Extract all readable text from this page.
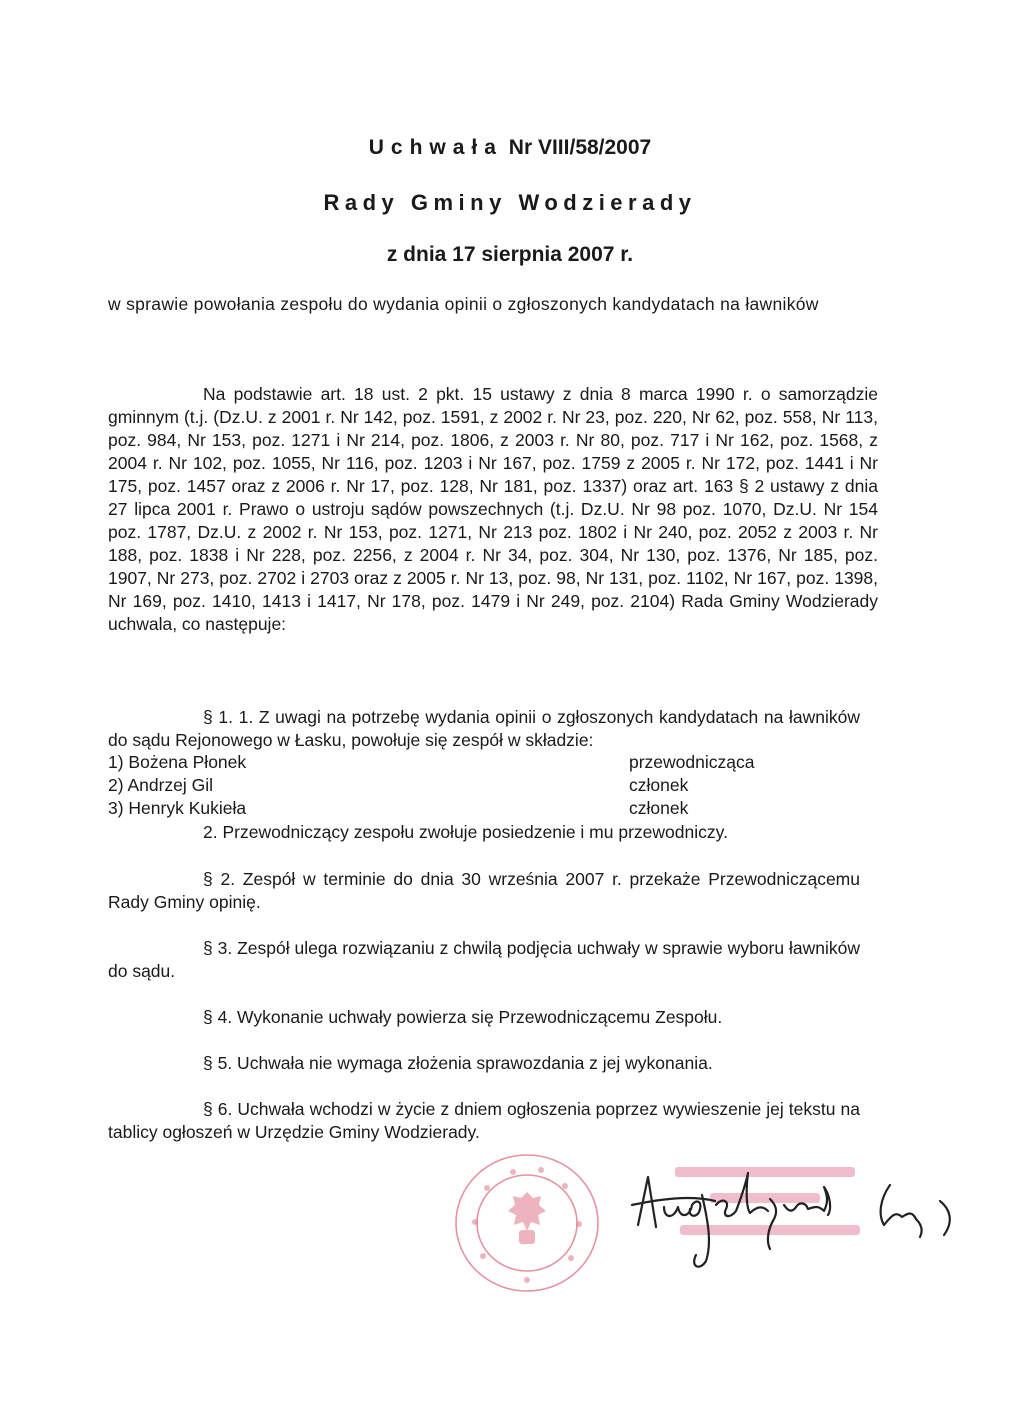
Uchwała Nr VIII/58/2007
Rady Gminy Wodzierady
z dnia 17 sierpnia 2007 r.
w sprawie powołania zespołu do wydania opinii o zgłoszonych kandydatach na ławników
Na podstawie art. 18 ust. 2 pkt. 15 ustawy z dnia 8 marca 1990 r. o samorządzie gminnym (t.j. (Dz.U. z 2001 r. Nr 142, poz. 1591, z 2002 r. Nr 23, poz. 220, Nr 62, poz. 558, Nr 113, poz. 984, Nr 153, poz. 1271 i Nr 214, poz. 1806, z 2003 r. Nr 80, poz. 717 i Nr 162, poz. 1568, z 2004 r. Nr 102, poz. 1055, Nr 116, poz. 1203 i Nr 167, poz. 1759 z 2005 r. Nr 172, poz. 1441 i Nr 175, poz. 1457 oraz z 2006 r. Nr 17, poz. 128, Nr 181, poz. 1337) oraz art. 163 § 2 ustawy z dnia 27 lipca 2001 r. Prawo o ustroju sądów powszechnych (t.j. Dz.U. Nr 98 poz. 1070, Dz.U. Nr 154 poz. 1787, Dz.U. z 2002 r. Nr 153, poz. 1271, Nr 213 poz. 1802 i Nr 240, poz. 2052 z 2003 r. Nr 188, poz. 1838 i Nr 228, poz. 2256, z 2004 r. Nr 34, poz. 304, Nr 130, poz. 1376, Nr 185, poz. 1907, Nr 273, poz. 2702 i 2703 oraz z 2005 r. Nr 13, poz. 98, Nr 131, poz. 1102, Nr 167, poz. 1398, Nr 169, poz. 1410, 1413 i 1417, Nr 178, poz. 1479 i Nr 249, poz. 2104) Rada Gminy Wodzierady uchwala, co następuje:
§ 1. 1. Z uwagi na potrzebę wydania opinii o zgłoszonych kandydatach na ławników do sądu Rejonowego w Łasku, powołuje się zespół w składzie:
1) Bożena Płonek	przewodnicząca
2) Andrzej Gil	członek
3) Henryk Kukieła	członek
2. Przewodniczący zespołu zwołuje posiedzenie i mu przewodniczy.
§ 2. Zespół w terminie do dnia 30 września 2007 r. przekaże Przewodniczącemu Rady Gminy opinię.
§ 3. Zespół ulega rozwiązaniu z chwilą podjęcia uchwały w sprawie wyboru ławników do sądu.
§ 4. Wykonanie uchwały powierza się Przewodniczącemu Zespołu.
§ 5. Uchwała nie wymaga złożenia sprawozdania z jej wykonania.
§ 6. Uchwała wchodzi w życie z dniem ogłoszenia poprzez wywieszenie jej tekstu na tablicy ogłoszeń w Urzędzie Gminy Wodzierady.
